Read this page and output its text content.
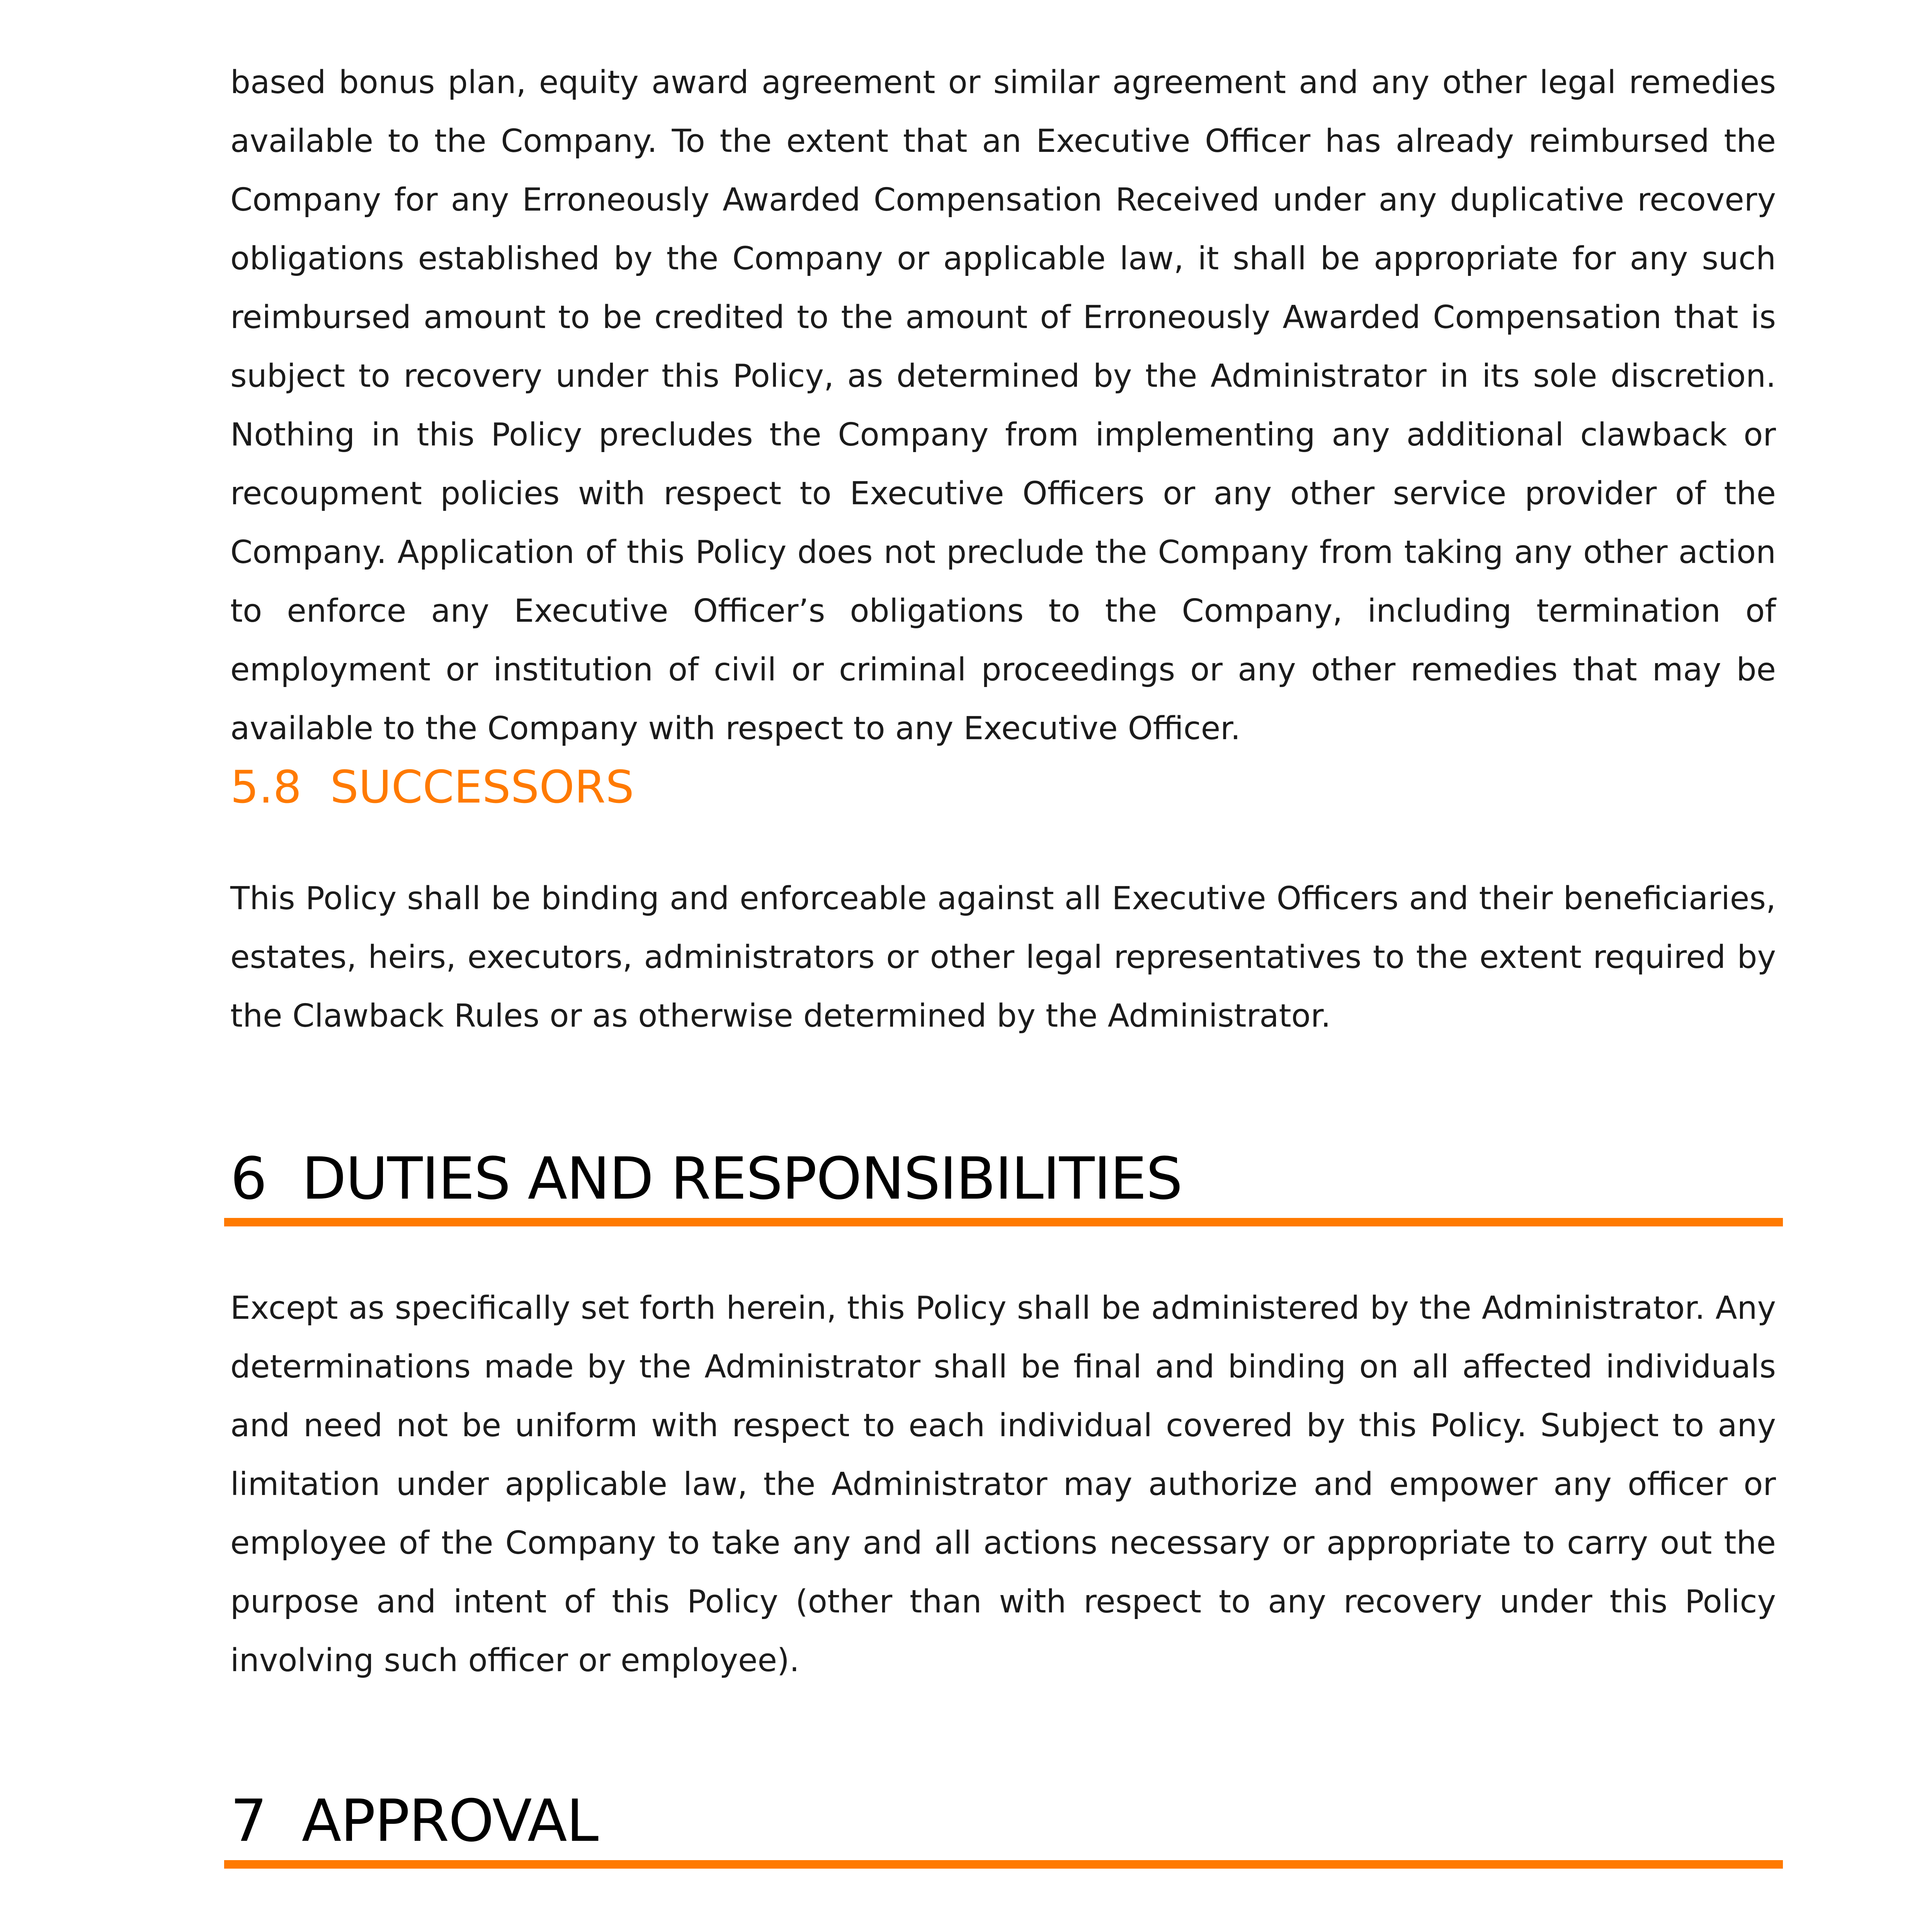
based bonus plan, equity award agreement or similar agreement and any other legal remedies available to the Company. To the extent that an Executive Officer has already reimbursed the Company for any Erroneously Awarded Compensation Received under any duplicative recovery obligations established by the Company or applicable law, it shall be appropriate for any such reimbursed amount to be credited to the amount of Erroneously Awarded Compensation that is subject to recovery under this Policy, as determined by the Administrator in its sole discretion. Nothing in this Policy precludes the Company from implementing any additional clawback or recoupment policies with respect to Executive Officers or any other service provider of the Company. Application of this Policy does not preclude the Company from taking any other action to enforce any Executive Officer’s obligations to the Company, including termination of employment or institution of civil or criminal proceedings or any other remedies that may be available to the Company with respect to any Executive Officer.

5.8  SUCCESSORS

This Policy shall be binding and enforceable against all Executive Officers and their beneficiaries, estates, heirs, executors, administrators or other legal representatives to the extent required by the Clawback Rules or as otherwise determined by the Administrator.

6  DUTIES AND RESPONSIBILITIES

Except as specifically set forth herein, this Policy shall be administered by the Administrator. Any determinations made by the Administrator shall be final and binding on all affected individuals and need not be uniform with respect to each individual covered by this Policy. Subject to any limitation under applicable law, the Administrator may authorize and empower any officer or employee of the Company to take any and all actions necessary or appropriate to carry out the purpose and intent of this Policy (other than with respect to any recovery under this Policy involving such officer or employee).

7  APPROVAL
